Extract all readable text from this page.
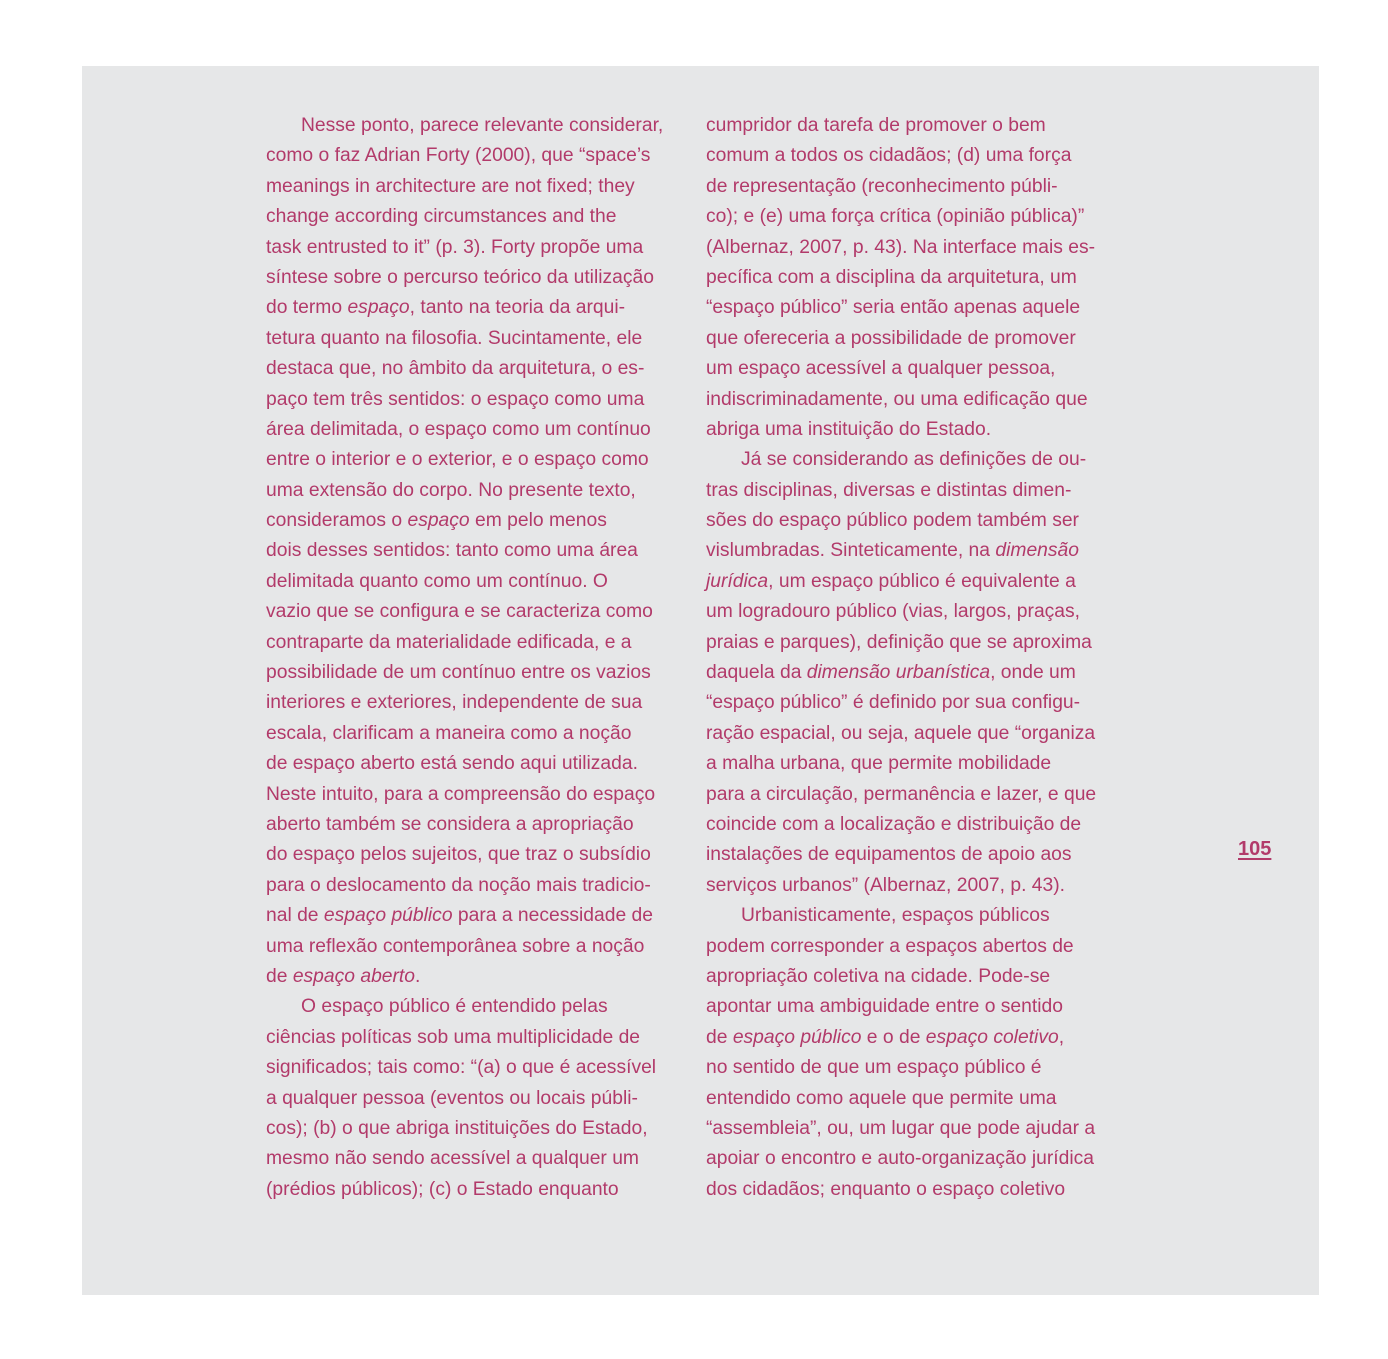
Nesse ponto, parece relevante considerar,
como o faz Adrian Forty (2000), que “space’s
meanings in architecture are not fixed; they
change according circumstances and the
task entrusted to it” (p. 3). Forty propõe uma
síntese sobre o percurso teórico da utilização
do termo espaço, tanto na teoria da arqui-
tetura quanto na filosofia. Sucintamente, ele
destaca que, no âmbito da arquitetura, o es-
paço tem três sentidos: o espaço como uma
área delimitada, o espaço como um contínuo
entre o interior e o exterior, e o espaço como
uma extensão do corpo. No presente texto,
consideramos o espaço em pelo menos
dois desses sentidos: tanto como uma área
delimitada quanto como um contínuo. O
vazio que se configura e se caracteriza como
contraparte da materialidade edificada, e a
possibilidade de um contínuo entre os vazios
interiores e exteriores, independente de sua
escala, clarificam a maneira como a noção
de espaço aberto está sendo aqui utilizada.
Neste intuito, para a compreensão do espaço
aberto também se considera a apropriação
do espaço pelos sujeitos, que traz o subsídio
para o deslocamento da noção mais tradicio-
nal de espaço público para a necessidade de
uma reflexão contemporânea sobre a noção
de espaço aberto.
O espaço público é entendido pelas
ciências políticas sob uma multiplicidade de
significados; tais como: “(a) o que é acessível
a qualquer pessoa (eventos ou locais públi-
cos); (b) o que abriga instituições do Estado,
mesmo não sendo acessível a qualquer um
(prédios públicos); (c) o Estado enquanto
cumpridor da tarefa de promover o bem
comum a todos os cidadãos; (d) uma força
de representação (reconhecimento públi-
co); e (e) uma força crítica (opinião pública)”
(Albernaz, 2007, p. 43). Na interface mais es-
pecífica com a disciplina da arquitetura, um
“espaço público” seria então apenas aquele
que ofereceria a possibilidade de promover
um espaço acessível a qualquer pessoa,
indiscriminadamente, ou uma edificação que
abriga uma instituição do Estado.
Já se considerando as definições de ou-
tras disciplinas, diversas e distintas dimen-
sões do espaço público podem também ser
vislumbradas. Sinteticamente, na dimensão
jurídica, um espaço público é equivalente a
um logradouro público (vias, largos, praças,
praias e parques), definição que se aproxima
daquela da dimensão urbanística, onde um
“espaço público” é definido por sua configu-
ração espacial, ou seja, aquele que “organiza
a malha urbana, que permite mobilidade
para a circulação, permanência e lazer, e que
coincide com a localização e distribuição de
instalações de equipamentos de apoio aos
serviços urbanos” (Albernaz, 2007, p. 43).
Urbanisticamente, espaços públicos
podem corresponder a espaços abertos de
apropriação coletiva na cidade. Pode-se
apontar uma ambiguidade entre o sentido
de espaço público e o de espaço coletivo,
no sentido de que um espaço público é
entendido como aquele que permite uma
“assembleia”, ou, um lugar que pode ajudar a
apoiar o encontro e auto-organização jurídica
dos cidadãos; enquanto o espaço coletivo
105
